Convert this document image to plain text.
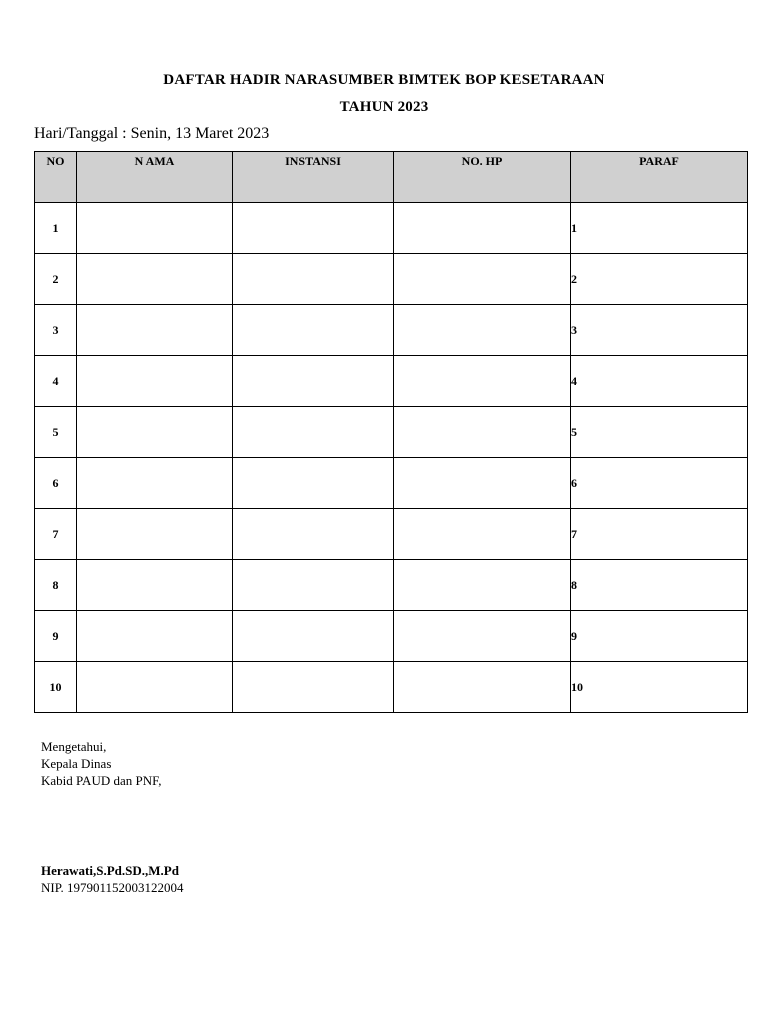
DAFTAR HADIR NARASUMBER BIMTEK BOP KESETARAAN
TAHUN 2023
Hari/Tanggal : Senin, 13 Maret 2023
NO	N AMA	INSTANSI	NO. HP	PARAF
1				1
2				2
3				3
4				4
5				5
6				6
7				7
8				8
9				9
10				10
Mengetahui,
Kepala Dinas
Kabid PAUD dan PNF,
Herawati,S.Pd.SD.,M.Pd
NIP. 197901152003122004
